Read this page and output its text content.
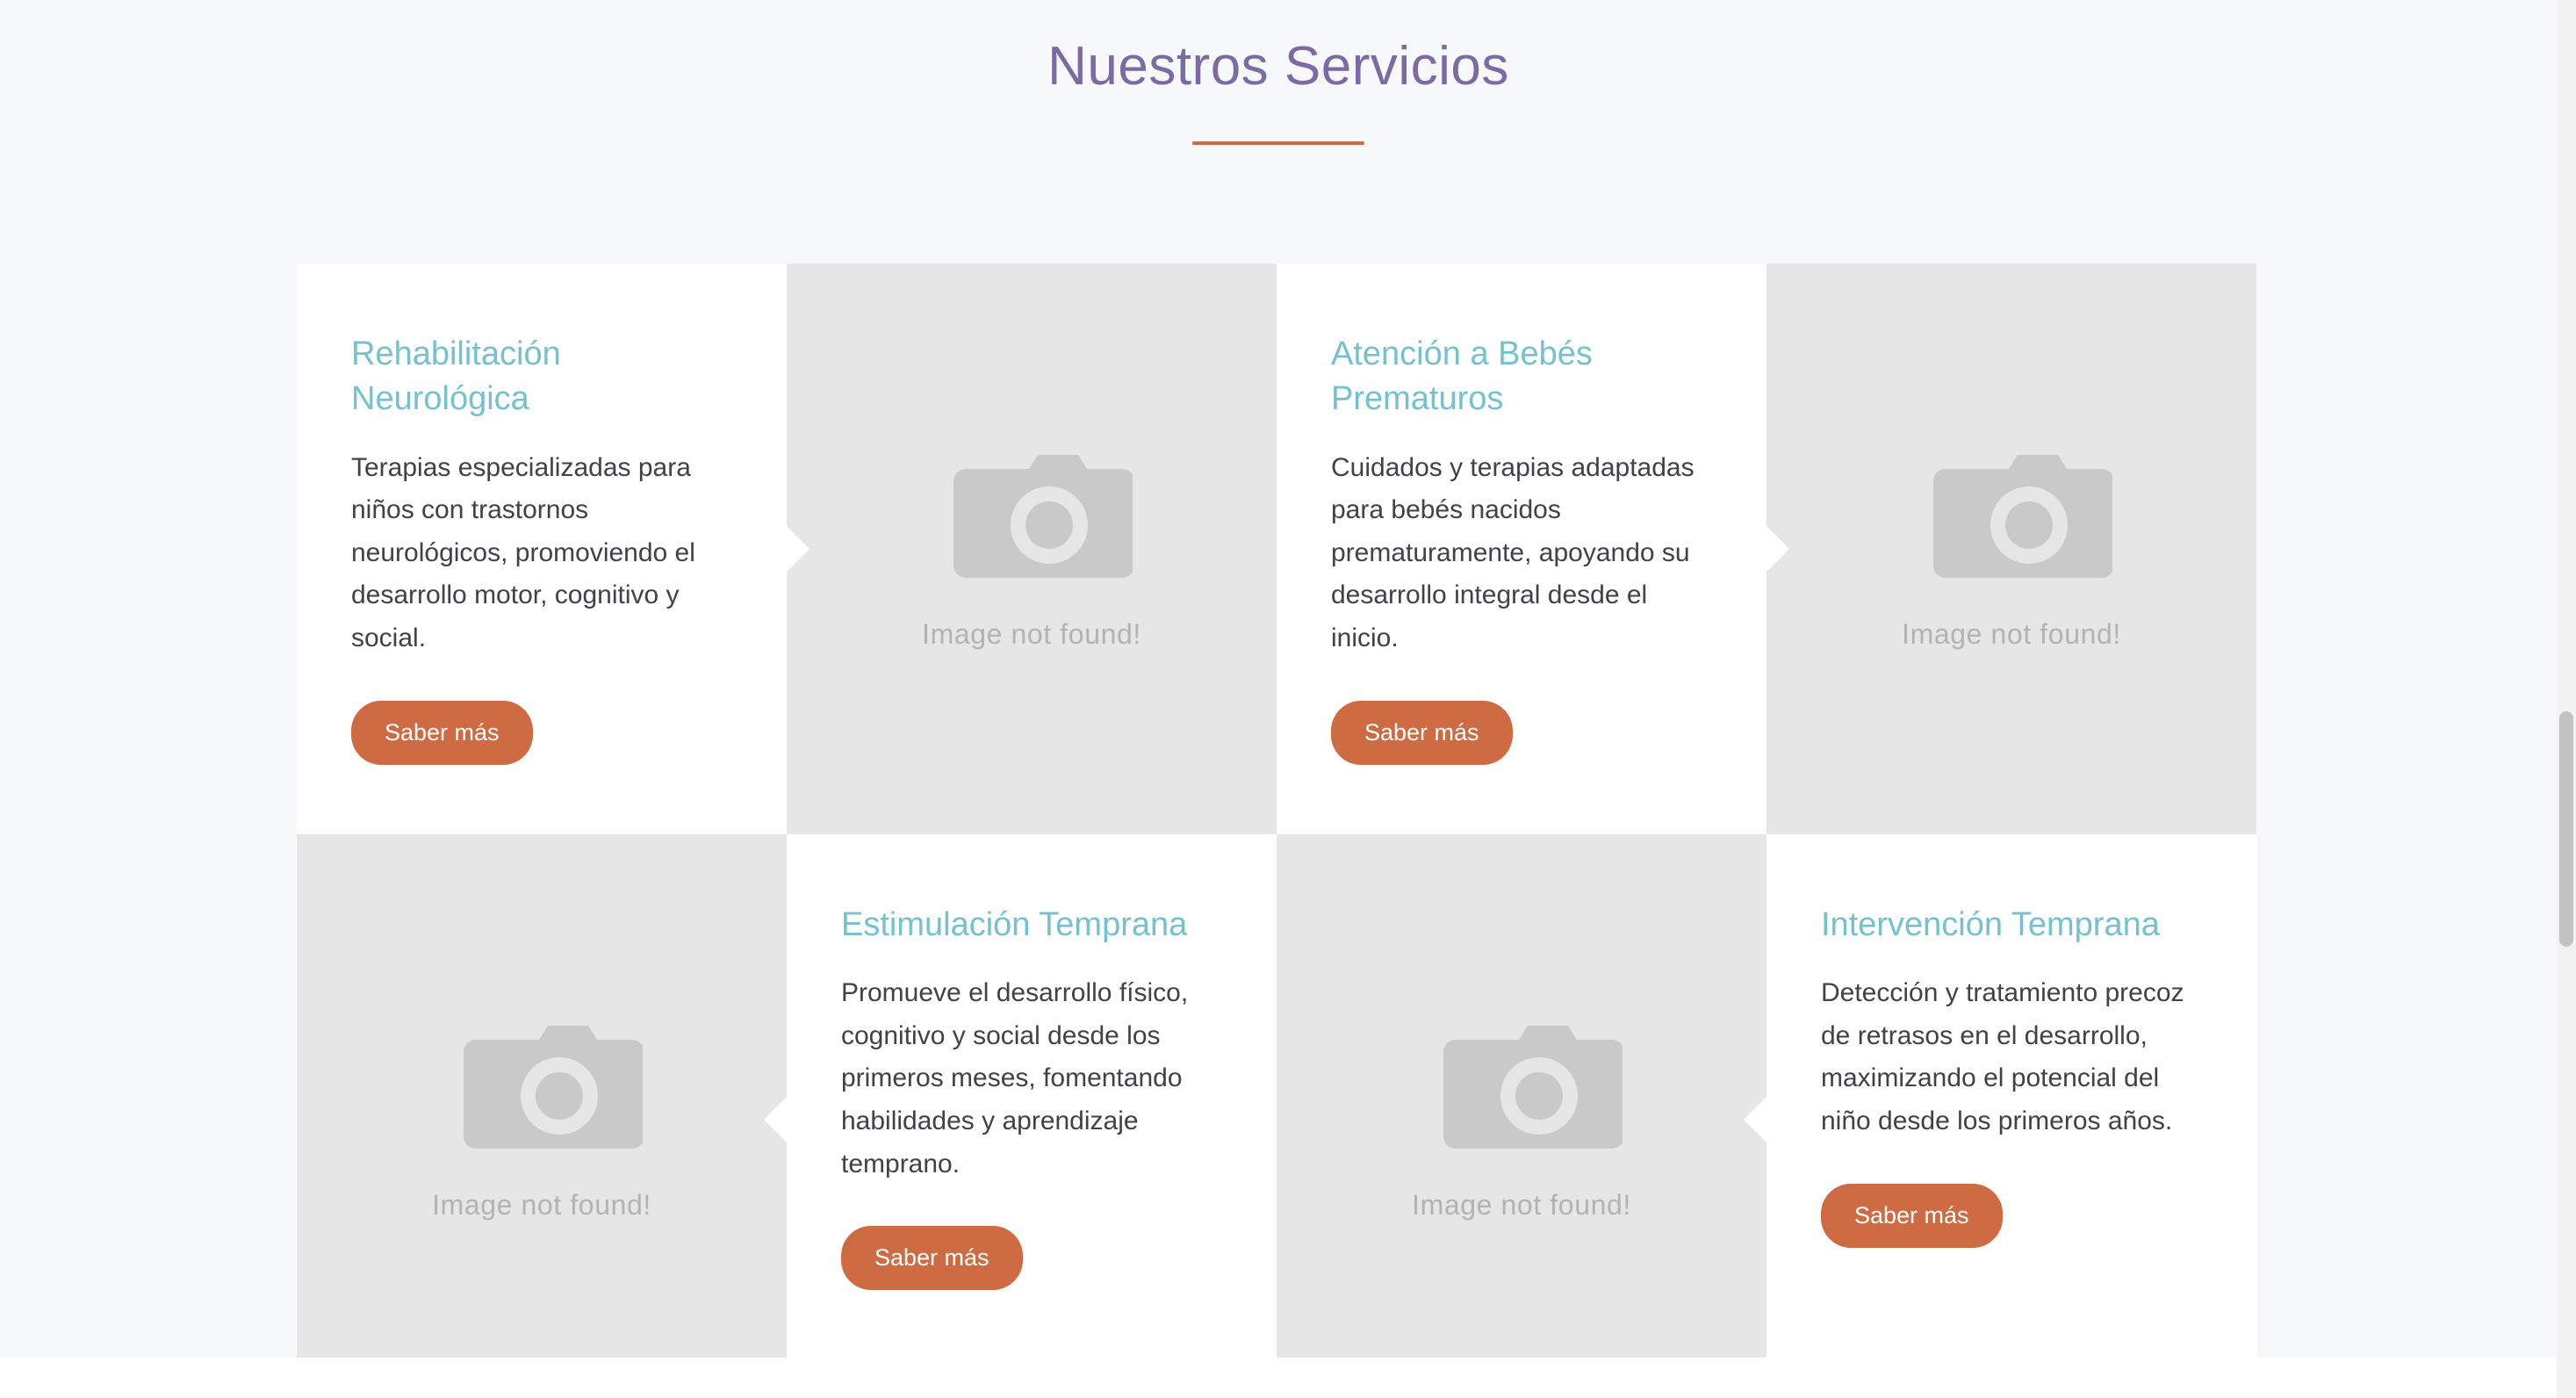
Nuestros Servicios
Rehabilitación Neurológica

Terapias especializadas para niños con trastornos neurológicos, promoviendo el desarrollo motor, cognitivo y social.

Saber más
Image not found!
Atención a Bebés Prematuros

Cuidados y terapias adaptadas para bebés nacidos prematuramente, apoyando su desarrollo integral desde el inicio.

Saber más
Image not found!
Image not found!
Estimulación Temprana

Promueve el desarrollo físico, cognitivo y social desde los primeros meses, fomentando habilidades y aprendizaje temprano.

Saber más
Image not found!
Intervención Temprana

Detección y tratamiento precoz de retrasos en el desarrollo, maximizando el potencial del niño desde los primeros años.

Saber más
